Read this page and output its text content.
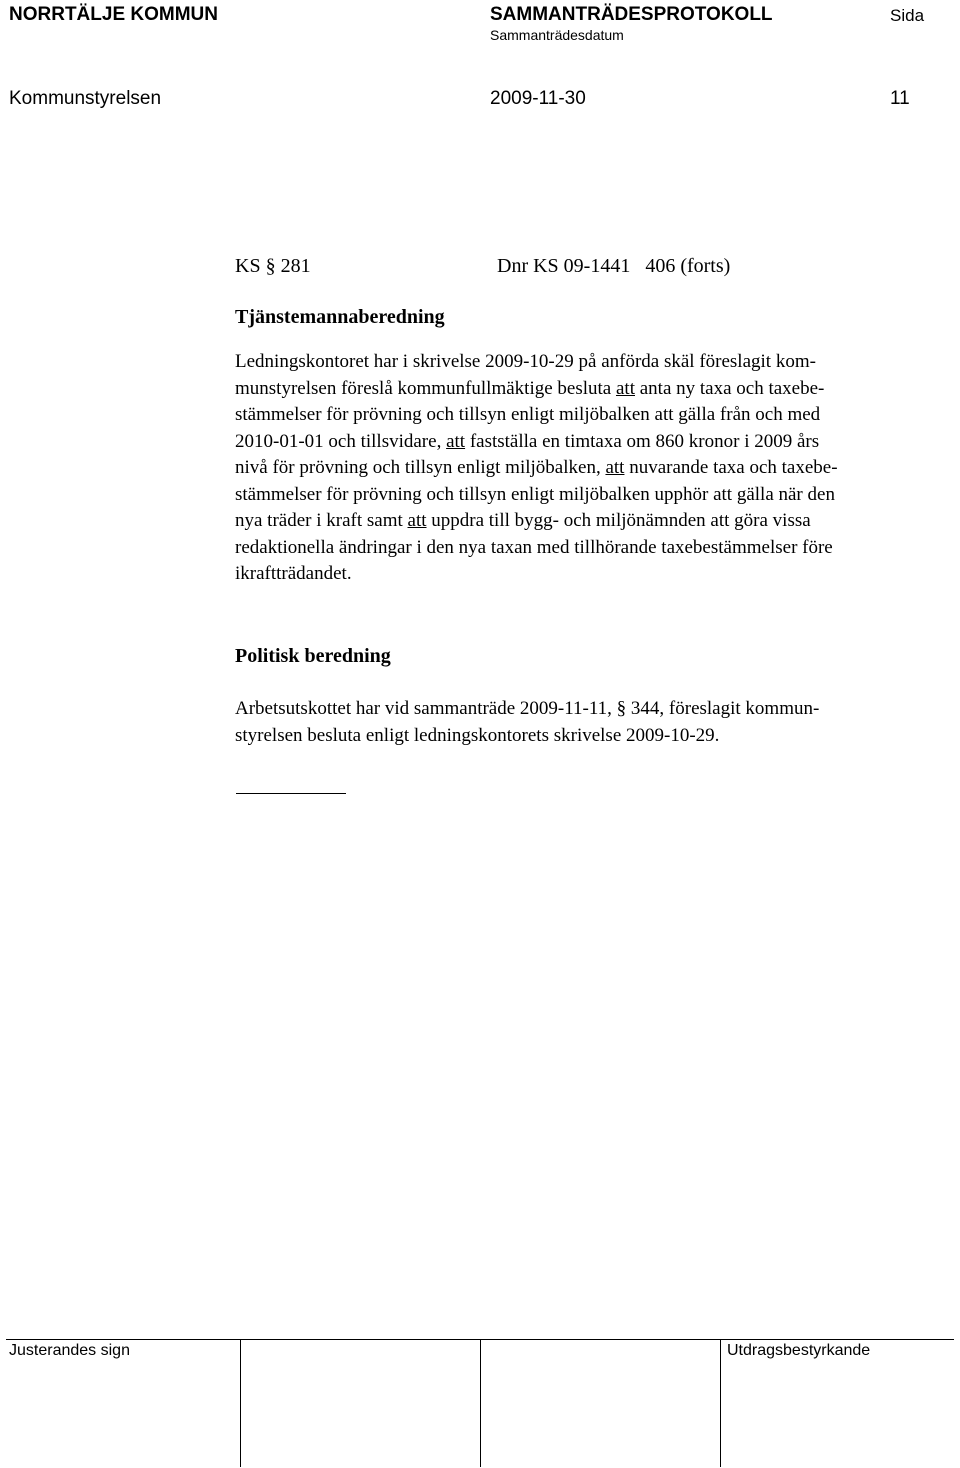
NORRTÄLJE KOMMUN	SAMMANTRÄDESPROTOKOLL	Sida
Sammanträdesdatum
Kommunstyrelsen	2009-11-30	11
KS § 281	Dnr KS 09-1441   406 (forts)
Tjänstemannaberedning
Ledningskontoret har i skrivelse 2009-10-29 på anförda skäl föreslagit kom-
munstyrelsen föreslå kommunfullmäktige besluta att anta ny taxa och taxebe-
stämmelser för prövning och tillsyn enligt miljöbalken att gälla från och med
2010-01-01 och tillsvidare, att fastställa en timtaxa om 860 kronor i 2009 års
nivå för prövning och tillsyn enligt miljöbalken, att nuvarande taxa och taxebe-
stämmelser för prövning och tillsyn enligt miljöbalken upphör att gälla när den
nya träder i kraft samt att uppdra till bygg- och miljönämnden att göra vissa
redaktionella ändringar i den nya taxan med tillhörande taxebestämmelser före
ikraftträdandet.
Politisk beredning
Arbetsutskottet har vid sammanträde 2009-11-11, § 344, föreslagit kommun-
styrelsen besluta enligt ledningskontorets skrivelse 2009-10-29.
Justerandes sign	Utdragsbestyrkande
